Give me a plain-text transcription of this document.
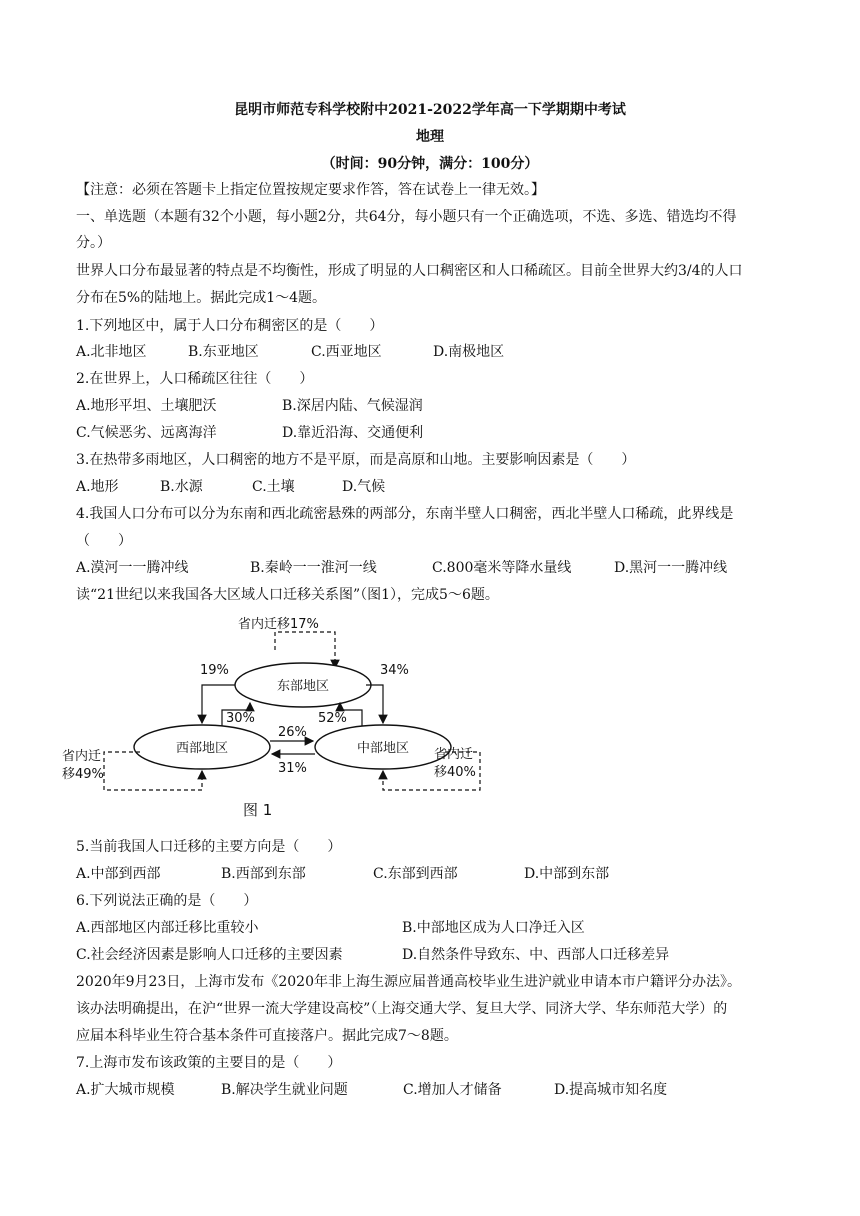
昆明市师范专科学校附中2021-2022学年高一下学期期中考试
地理
（时间：90分钟，满分：100分）
【注意：必须在答题卡上指定位置按规定要求作答，答在试卷上一律无效。】
一、单选题（本题有32个小题，每小题2分，共64分，每小题只有一个正确选项，不选、多选、错选均不得
分。）
世界人口分布最显著的特点是不均衡性，形成了明显的人口稠密区和人口稀疏区。目前全世界大约3/4的人口
分布在5%的陆地上。据此完成1～4题。
1.下列地区中，属于人口分布稠密区的是（　　）
A.北非地区	B.东亚地区	C.西亚地区	D.南极地区
2.在世界上，人口稀疏区往往（　　）
A.地形平坦、土壤肥沃	B.深居内陆、气候湿润
C.气候恶劣、远离海洋	D.靠近沿海、交通便利
3.在热带多雨地区，人口稠密的地方不是平原，而是高原和山地。主要影响因素是（　　）
A.地形	B.水源	C.土壤	D.气候
4.我国人口分布可以分为东南和西北疏密悬殊的两部分，东南半壁人口稠密，西北半壁人口稀疏，此界线是
（　　）
A.漠河一一腾冲线	B.秦岭一一淮河一线	C.800毫米等降水量线	D.黑河一一腾冲线
读“21世纪以来我国各大区域人口迁移关系图”（图1），完成5～6题。
省内迁移17%
东部地区
西部地区	中部地区
19%	34%
30%	52%
26%
31%
省内迁
移49%
省内迁
移40%
图 1
5.当前我国人口迁移的主要方向是（　　）
A.中部到西部	B.西部到东部	C.东部到西部	D.中部到东部
6.下列说法正确的是（　　）
A.西部地区内部迁移比重较小	B.中部地区成为人口净迁入区
C.社会经济因素是影响人口迁移的主要因素	D.自然条件导致东、中、西部人口迁移差异
2020年9月23日，上海市发布《2020年非上海生源应届普通高校毕业生进沪就业申请本市户籍评分办法》。
该办法明确提出，在沪“世界一流大学建设高校”（上海交通大学、复旦大学、同济大学、华东师范大学）的
应届本科毕业生符合基本条件可直接落户。据此完成7～8题。
7.上海市发布该政策的主要目的是（　　）
A.扩大城市规模	B.解决学生就业问题	C.增加人才储备	D.提高城市知名度
